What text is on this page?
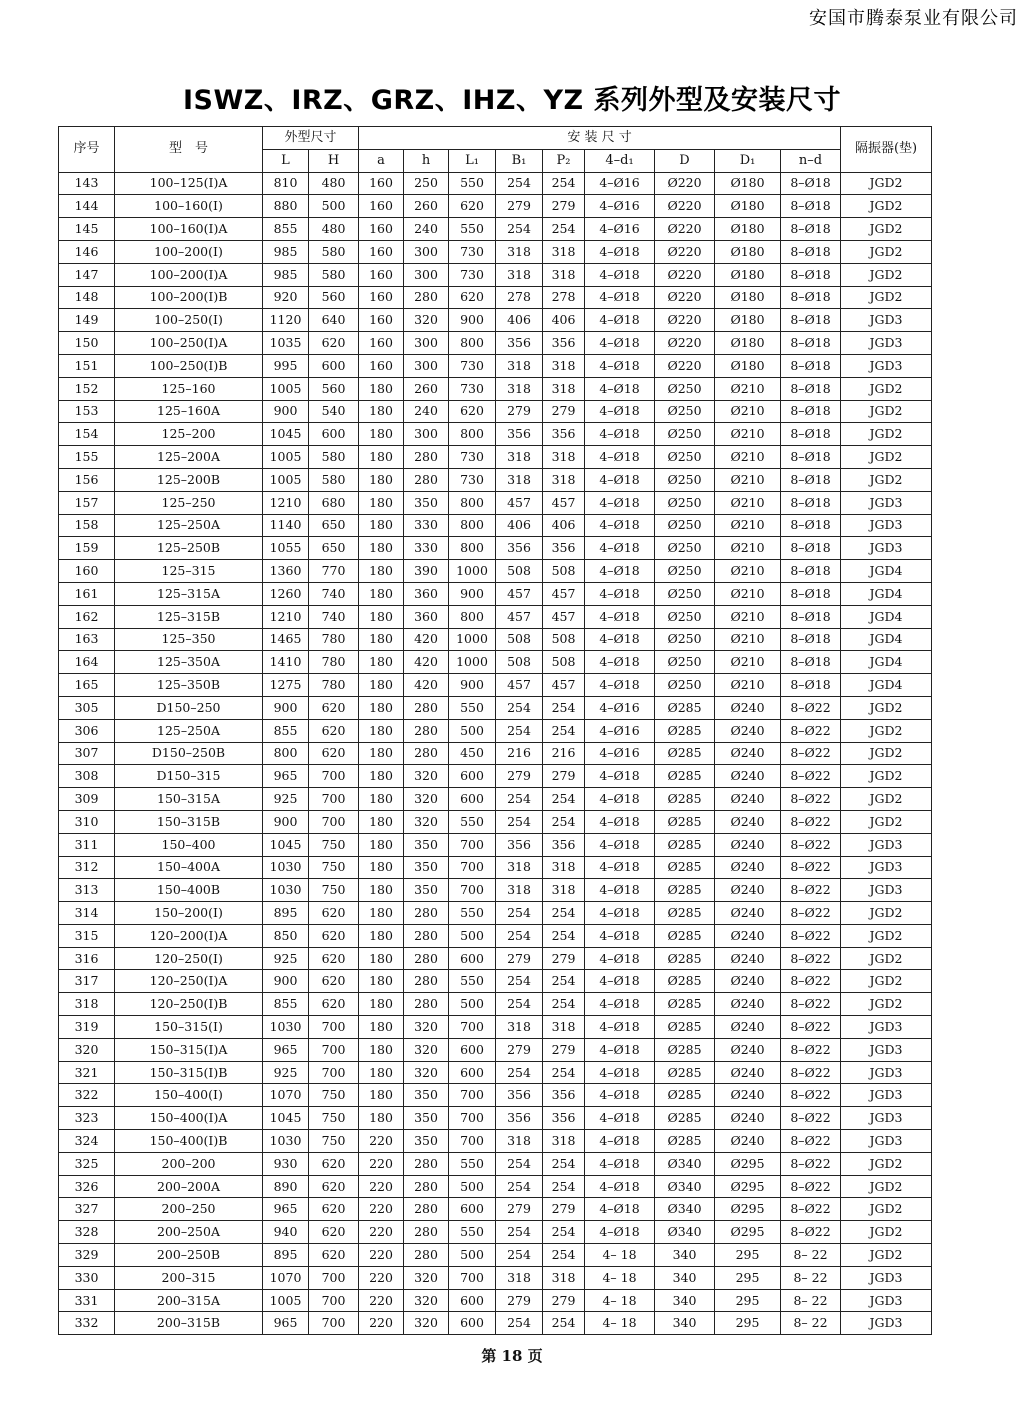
安国市腾泰泵业有限公司
ISWZ、IRZ、GRZ、IHZ、YZ 系列外型及安装尺寸
序号	型　号	外型尺寸		安 装 尺 寸									隔振器(垫)
		L	H	a	h	L₁	B₁	P₂	4–d₁	D	D₁	n–d	
143	100–125(Ⅰ)A	810	480	160	250	550	254	254	4–Ø16	Ø220	Ø180	8–Ø18	JGD2
144	100–160(Ⅰ)	880	500	160	260	620	279	279	4–Ø16	Ø220	Ø180	8–Ø18	JGD2
145	100–160(Ⅰ)A	855	480	160	240	550	254	254	4–Ø16	Ø220	Ø180	8–Ø18	JGD2
146	100–200(Ⅰ)	985	580	160	300	730	318	318	4–Ø18	Ø220	Ø180	8–Ø18	JGD2
147	100–200(Ⅰ)A	985	580	160	300	730	318	318	4–Ø18	Ø220	Ø180	8–Ø18	JGD2
148	100–200(Ⅰ)B	920	560	160	280	620	278	278	4–Ø18	Ø220	Ø180	8–Ø18	JGD2
149	100–250(Ⅰ)	1120	640	160	320	900	406	406	4–Ø18	Ø220	Ø180	8–Ø18	JGD3
150	100–250(Ⅰ)A	1035	620	160	300	800	356	356	4–Ø18	Ø220	Ø180	8–Ø18	JGD3
151	100–250(Ⅰ)B	995	600	160	300	730	318	318	4–Ø18	Ø220	Ø180	8–Ø18	JGD3
152	125–160	1005	560	180	260	730	318	318	4–Ø18	Ø250	Ø210	8–Ø18	JGD2
153	125–160A	900	540	180	240	620	279	279	4–Ø18	Ø250	Ø210	8–Ø18	JGD2
154	125–200	1045	600	180	300	800	356	356	4–Ø18	Ø250	Ø210	8–Ø18	JGD2
155	125–200A	1005	580	180	280	730	318	318	4–Ø18	Ø250	Ø210	8–Ø18	JGD2
156	125–200B	1005	580	180	280	730	318	318	4–Ø18	Ø250	Ø210	8–Ø18	JGD2
157	125–250	1210	680	180	350	800	457	457	4–Ø18	Ø250	Ø210	8–Ø18	JGD3
158	125–250A	1140	650	180	330	800	406	406	4–Ø18	Ø250	Ø210	8–Ø18	JGD3
159	125–250B	1055	650	180	330	800	356	356	4–Ø18	Ø250	Ø210	8–Ø18	JGD3
160	125–315	1360	770	180	390	1000	508	508	4–Ø18	Ø250	Ø210	8–Ø18	JGD4
161	125–315A	1260	740	180	360	900	457	457	4–Ø18	Ø250	Ø210	8–Ø18	JGD4
162	125–315B	1210	740	180	360	800	457	457	4–Ø18	Ø250	Ø210	8–Ø18	JGD4
163	125–350	1465	780	180	420	1000	508	508	4–Ø18	Ø250	Ø210	8–Ø18	JGD4
164	125–350A	1410	780	180	420	1000	508	508	4–Ø18	Ø250	Ø210	8–Ø18	JGD4
165	125–350B	1275	780	180	420	900	457	457	4–Ø18	Ø250	Ø210	8–Ø18	JGD4
305	D150–250	900	620	180	280	550	254	254	4–Ø16	Ø285	Ø240	8–Ø22	JGD2
306	125–250A	855	620	180	280	500	254	254	4–Ø16	Ø285	Ø240	8–Ø22	JGD2
307	D150–250B	800	620	180	280	450	216	216	4–Ø16	Ø285	Ø240	8–Ø22	JGD2
308	D150–315	965	700	180	320	600	279	279	4–Ø18	Ø285	Ø240	8–Ø22	JGD2
309	150–315A	925	700	180	320	600	254	254	4–Ø18	Ø285	Ø240	8–Ø22	JGD2
310	150–315B	900	700	180	320	550	254	254	4–Ø18	Ø285	Ø240	8–Ø22	JGD2
311	150–400	1045	750	180	350	700	356	356	4–Ø18	Ø285	Ø240	8–Ø22	JGD3
312	150–400A	1030	750	180	350	700	318	318	4–Ø18	Ø285	Ø240	8–Ø22	JGD3
313	150–400B	1030	750	180	350	700	318	318	4–Ø18	Ø285	Ø240	8–Ø22	JGD3
314	150–200(Ⅰ)	895	620	180	280	550	254	254	4–Ø18	Ø285	Ø240	8–Ø22	JGD2
315	120–200(Ⅰ)A	850	620	180	280	500	254	254	4–Ø18	Ø285	Ø240	8–Ø22	JGD2
316	120–250(Ⅰ)	925	620	180	280	600	279	279	4–Ø18	Ø285	Ø240	8–Ø22	JGD2
317	120–250(Ⅰ)A	900	620	180	280	550	254	254	4–Ø18	Ø285	Ø240	8–Ø22	JGD2
318	120–250(Ⅰ)B	855	620	180	280	500	254	254	4–Ø18	Ø285	Ø240	8–Ø22	JGD2
319	150–315(Ⅰ)	1030	700	180	320	700	318	318	4–Ø18	Ø285	Ø240	8–Ø22	JGD3
320	150–315(Ⅰ)A	965	700	180	320	600	279	279	4–Ø18	Ø285	Ø240	8–Ø22	JGD3
321	150–315(Ⅰ)B	925	700	180	320	600	254	254	4–Ø18	Ø285	Ø240	8–Ø22	JGD3
322	150–400(Ⅰ)	1070	750	180	350	700	356	356	4–Ø18	Ø285	Ø240	8–Ø22	JGD3
323	150–400(Ⅰ)A	1045	750	180	350	700	356	356	4–Ø18	Ø285	Ø240	8–Ø22	JGD3
324	150–400(Ⅰ)B	1030	750	220	350	700	318	318	4–Ø18	Ø285	Ø240	8–Ø22	JGD3
325	200–200	930	620	220	280	550	254	254	4–Ø18	Ø340	Ø295	8–Ø22	JGD2
326	200–200A	890	620	220	280	500	254	254	4–Ø18	Ø340	Ø295	8–Ø22	JGD2
327	200–250	965	620	220	280	600	279	279	4–Ø18	Ø340	Ø295	8–Ø22	JGD2
328	200–250A	940	620	220	280	550	254	254	4–Ø18	Ø340	Ø295	8–Ø22	JGD2
329	200–250B	895	620	220	280	500	254	254	4– 18	340	295	8– 22	JGD2
330	200–315	1070	700	220	320	700	318	318	4– 18	340	295	8– 22	JGD3
331	200–315A	1005	700	220	320	600	279	279	4– 18	340	295	8– 22	JGD3
332	200–315B	965	700	220	320	600	254	254	4– 18	340	295	8– 22	JGD3
第 18 页
